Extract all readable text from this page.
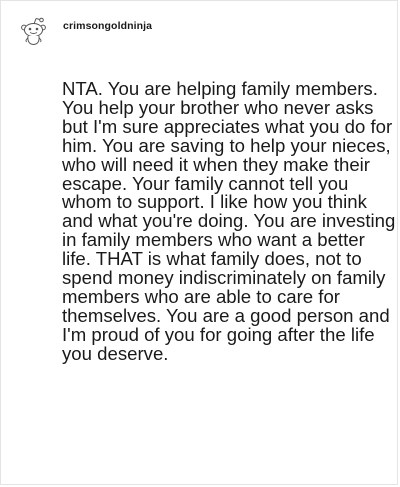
crimsongoldninja

NTA. You are helping family members. You help your brother who never asks but I'm sure appreciates what you do for him. You are saving to help your nieces, who will need it when they make their escape. Your family cannot tell you whom to support. I like how you think and what you're doing. You are investing in family members who want a better life. THAT is what family does, not to spend money indiscriminately on family members who are able to care for themselves. You are a good person and I'm proud of you for going after the life you deserve.
